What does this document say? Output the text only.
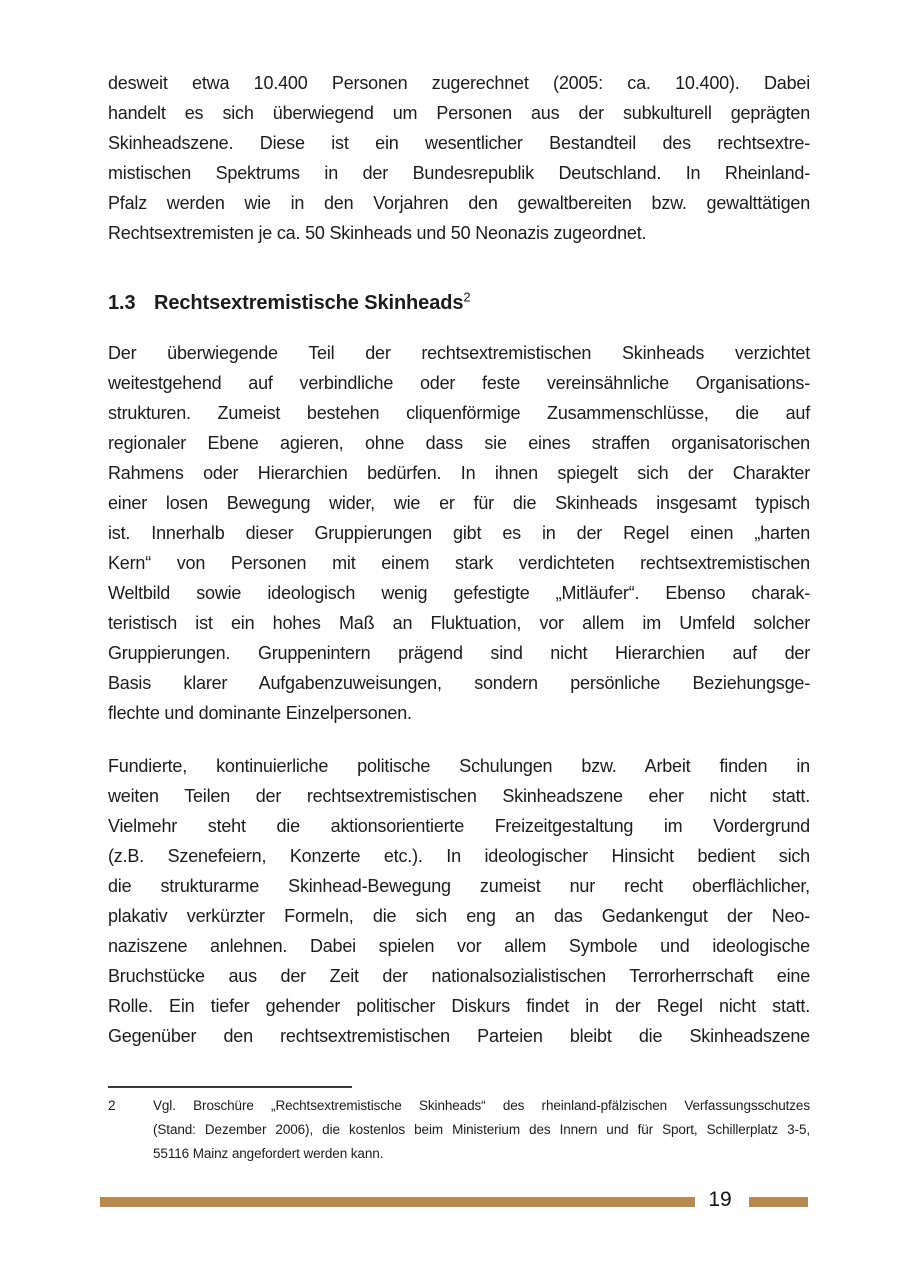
desweit etwa 10.400 Personen zugerechnet (2005: ca. 10.400). Dabei
handelt es sich überwiegend um Personen aus der subkulturell geprägten
Skinheadszene. Diese ist ein wesentlicher Bestandteil des rechtsextre-
mistischen Spektrums in der Bundesrepublik Deutschland. In Rheinland-
Pfalz werden wie in den Vorjahren den gewaltbereiten bzw. gewalttätigen
Rechtsextremisten je ca. 50 Skinheads und 50 Neonazis zugeordnet.
1.3 Rechtsextremistische Skinheads$^2$
Der überwiegende Teil der rechtsextremistischen Skinheads verzichtet
weitestgehend auf verbindliche oder feste vereinsähnliche Organisations-
strukturen. Zumeist bestehen cliquenförmige Zusammenschlüsse, die auf
regionaler Ebene agieren, ohne dass sie eines straffen organisatorischen
Rahmens oder Hierarchien bedürfen. In ihnen spiegelt sich der Charakter
einer losen Bewegung wider, wie er für die Skinheads insgesamt typisch
ist. Innerhalb dieser Gruppierungen gibt es in der Regel einen „harten
Kern“ von Personen mit einem stark verdichteten rechtsextremistischen
Weltbild sowie ideologisch wenig gefestigte „Mitläufer“. Ebenso charak-
teristisch ist ein hohes Maß an Fluktuation, vor allem im Umfeld solcher
Gruppierungen. Gruppenintern prägend sind nicht Hierarchien auf der
Basis klarer Aufgabenzuweisungen, sondern persönliche Beziehungsge-
flechte und dominante Einzelpersonen.
Fundierte, kontinuierliche politische Schulungen bzw. Arbeit finden in
weiten Teilen der rechtsextremistischen Skinheadszene eher nicht statt.
Vielmehr steht die aktionsorientierte Freizeitgestaltung im Vordergrund
(z.B. Szenefeiern, Konzerte etc.). In ideologischer Hinsicht bedient sich
die strukturarme Skinhead-Bewegung zumeist nur recht oberflächlicher,
plakativ verkürzter Formeln, die sich eng an das Gedankengut der Neo-
naziszene anlehnen. Dabei spielen vor allem Symbole und ideologische
Bruchstücke aus der Zeit der nationalsozialistischen Terrorherrschaft eine
Rolle. Ein tiefer gehender politischer Diskurs findet in der Regel nicht statt.
Gegenüber den rechtsextremistischen Parteien bleibt die Skinheadszene
2	Vgl. Broschüre „Rechtsextremistische Skinheads“ des rheinland-pfälzischen Verfassungsschutzes
(Stand: Dezember 2006), die kostenlos beim Ministerium des Innern und für Sport, Schillerplatz 3-5,
55116 Mainz angefordert werden kann.
19
